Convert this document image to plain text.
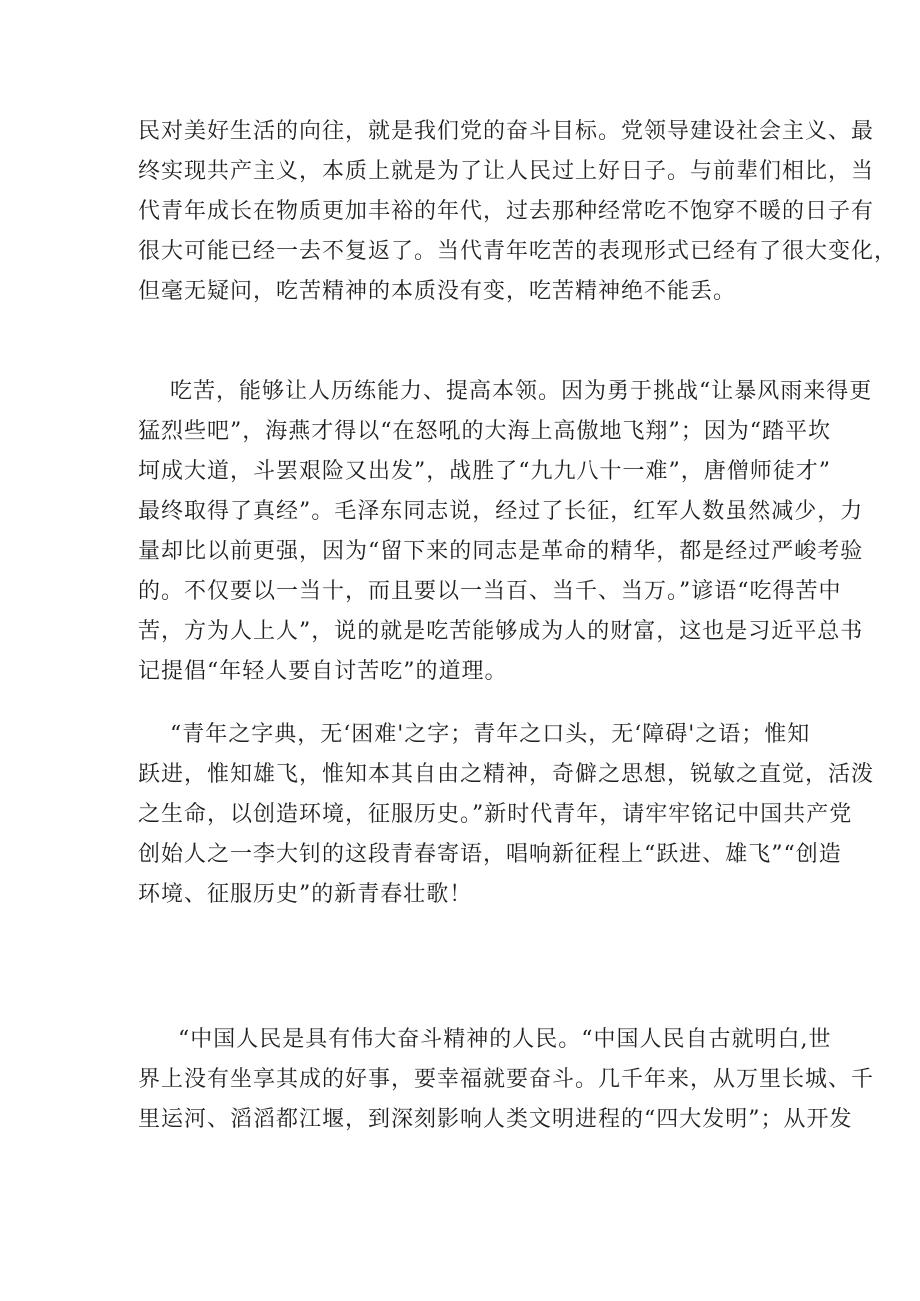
民对美好生活的向往，就是我们党的奋斗目标。党领导建设社会主义、最
终实现共产主义，本质上就是为了让人民过上好日子。与前辈们相比，当
代青年成长在物质更加丰裕的年代，过去那种经常吃不饱穿不暖的日子有
很大可能已经一去不复返了。当代青年吃苦的表现形式已经有了很大变化，
但毫无疑问，吃苦精神的本质没有变，吃苦精神绝不能丢。
吃苦，能够让人历练能力、提高本领。因为勇于挑战“让暴风雨来得更
猛烈些吧”，海燕才得以“在怒吼的大海上高傲地飞翔”；因为“踏平坎
坷成大道，斗罢艰险又出发”，战胜了“九九八十一难”，唐僧师徒才”
最终取得了真经”。毛泽东同志说，经过了长征，红军人数虽然减少，力
量却比以前更强，因为“留下来的同志是革命的精华，都是经过严峻考验
的。不仅要以一当十，而且要以一当百、当千、当万。”谚语“吃得苦中
苦，方为人上人”，说的就是吃苦能够成为人的财富，这也是习近平总书
记提倡“年轻人要自讨苦吃”的道理。
“青年之字典，无‘困难'之字；青年之口头，无‘障碍'之语；惟知
跃进，惟知雄飞，惟知本其自由之精神，奇僻之思想，锐敏之直觉，活泼
之生命，以创造环境，征服历史。”新时代青年，请牢牢铭记中国共产党
创始人之一李大钊的这段青春寄语，唱响新征程上“跃进、雄飞”“创造
环境、征服历史”的新青春壮歌！
“中国人民是具有伟大奋斗精神的人民。“中国人民自古就明白,世
界上没有坐享其成的好事，要幸福就要奋斗。几千年来，从万里长城、千
里运河、滔滔都江堰，到深刻影响人类文明进程的“四大发明”；从开发
